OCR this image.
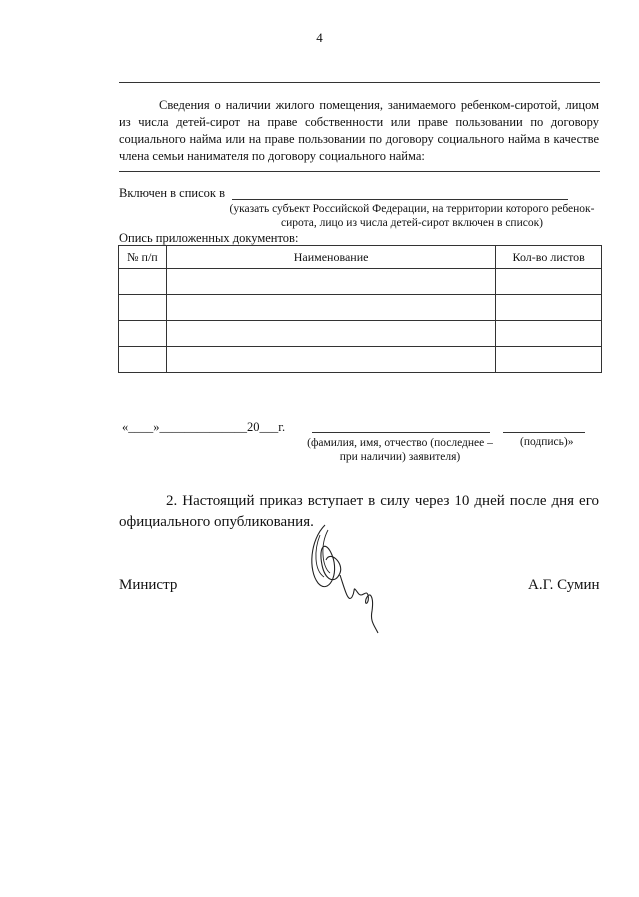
4
Сведения о наличии жилого помещения, занимаемого ребенком-сиротой, лицом из числа детей-сирот на праве собственности или праве пользовании по договору социального найма или на праве пользовании по договору социального найма в качестве члена семьи нанимателя по договору социального найма:
Включен в список в
(указать субъект Российской Федерации, на территории которого ребенок-сирота, лицо из числа детей-сирот включен в список)
Опись приложенных документов:
№ п/п	Наименование	Кол-во листов

«____»______________20___г.
(фамилия, имя, отчество (последнее – при наличии) заявителя)
(подпись)»
2. Настоящий приказ вступает в силу через 10 дней после дня его официального опубликования.
Министр	А.Г. Сумин
